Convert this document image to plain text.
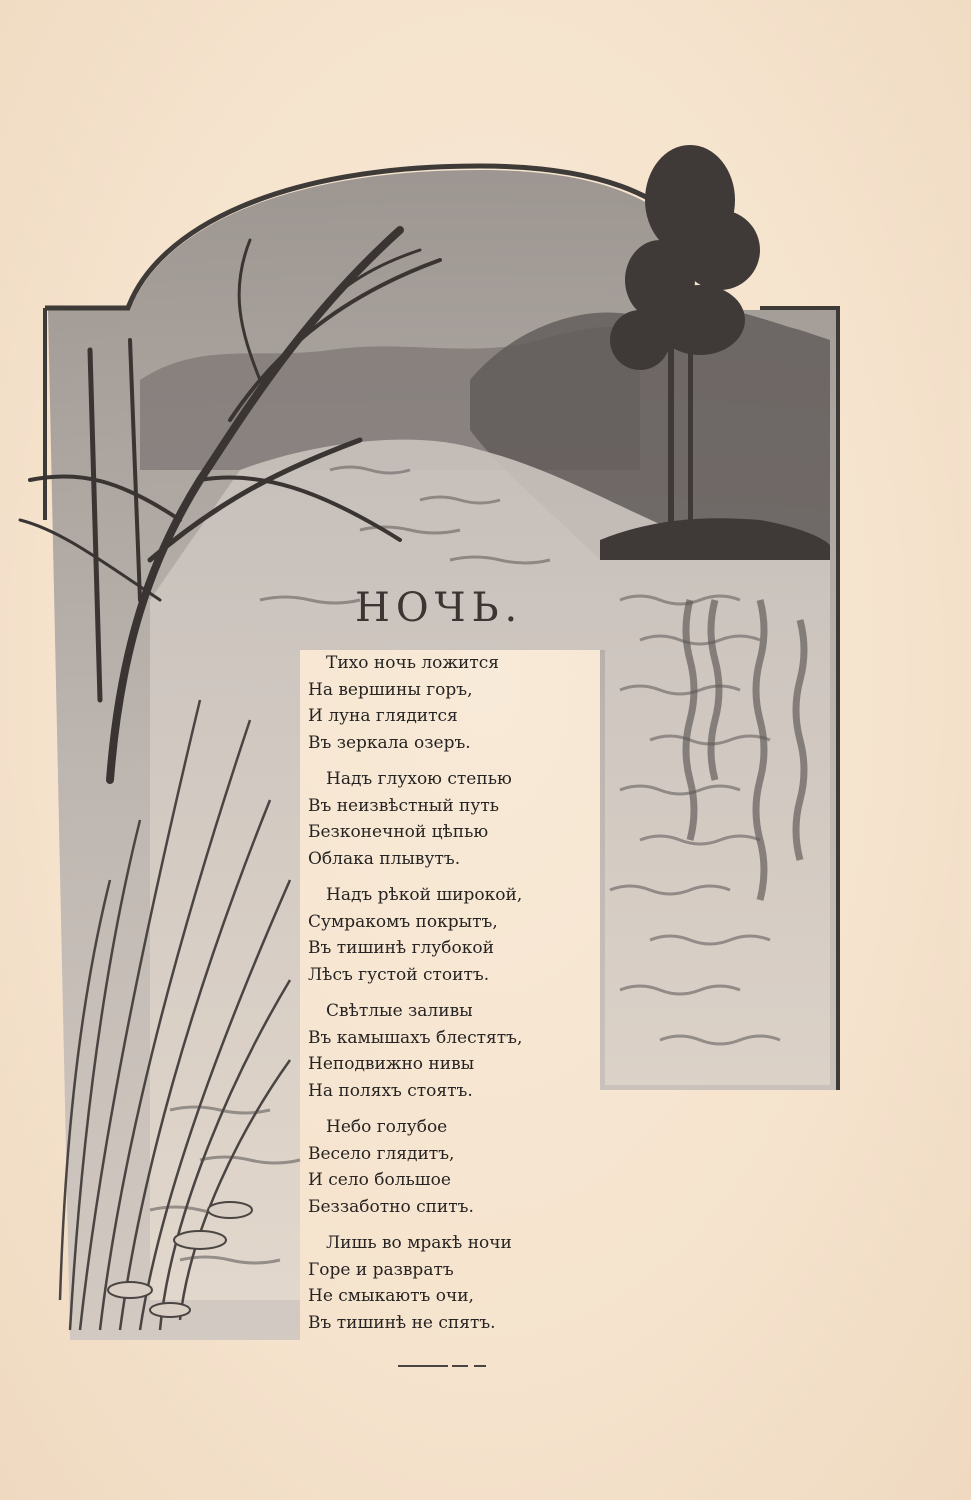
НОЧЬ.
Тихо ночь ложится
На вершины горъ,
И луна глядится
Въ зеркала озеръ.
Надъ глухою степью
Въ неизвѣстный путь
Безконечной цѣпью
Облака плывутъ.
Надъ рѣкой широкой,
Сумракомъ покрытъ,
Въ тишинѣ глубокой
Лѣсъ густой стоитъ.
Свѣтлые заливы
Въ камышахъ блестятъ,
Неподвижно нивы
На поляхъ стоятъ.
Небо голубое
Весело глядитъ,
И село большое
Беззаботно спитъ.
Лишь во мракѣ ночи
Горе и развратъ
Не смыкаютъ очи,
Въ тишинѣ не спятъ.
